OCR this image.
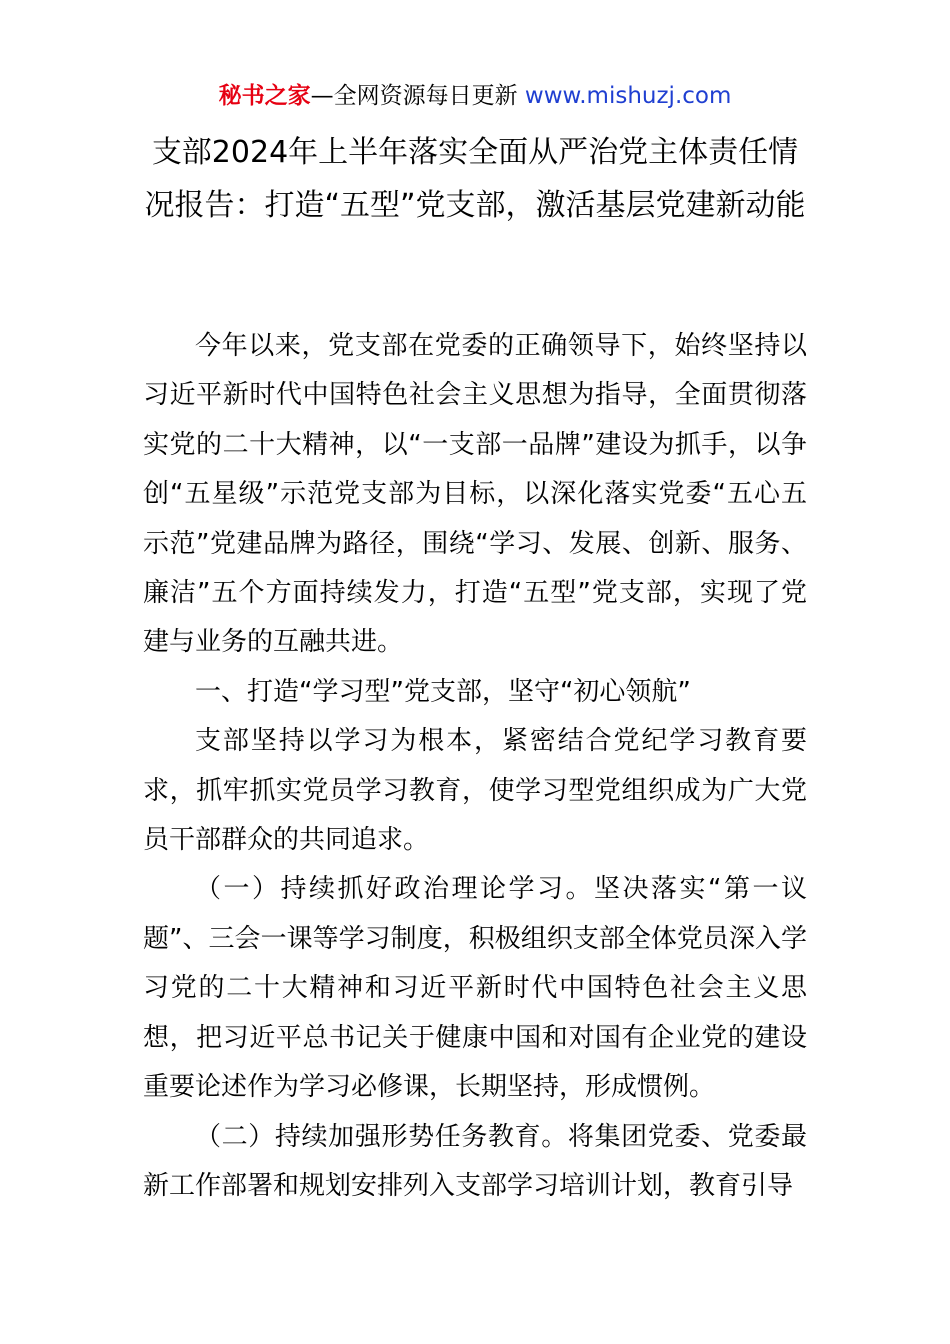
秘书之家—全网资源每日更新 www.mishuzj.com
支部2024年上半年落实全面从严治党主体责任情况报告：打造“五型”党支部，激活基层党建新动能

今年以来，党支部在党委的正确领导下，始终坚持以习近平新时代中国特色社会主义思想为指导，全面贯彻落实党的二十大精神，以“一支部一品牌”建设为抓手，以争创“五星级”示范党支部为目标，以深化落实党委“五心五示范”党建品牌为路径，围绕“学习、发展、创新、服务、廉洁”五个方面持续发力，打造“五型”党支部，实现了党建与业务的互融共进。

一、打造“学习型”党支部，坚守“初心领航”

支部坚持以学习为根本，紧密结合党纪学习教育要求，抓牢抓实党员学习教育，使学习型党组织成为广大党员干部群众的共同追求。

（一）持续抓好政治理论学习。坚决落实“第一议题”、三会一课等学习制度，积极组织支部全体党员深入学习党的二十大精神和习近平新时代中国特色社会主义思想，把习近平总书记关于健康中国和对国有企业党的建设重要论述作为学习必修课，长期坚持，形成惯例。

（二）持续加强形势任务教育。将集团党委、党委最新工作部署和规划安排列入支部学习培训计划，教育引导
